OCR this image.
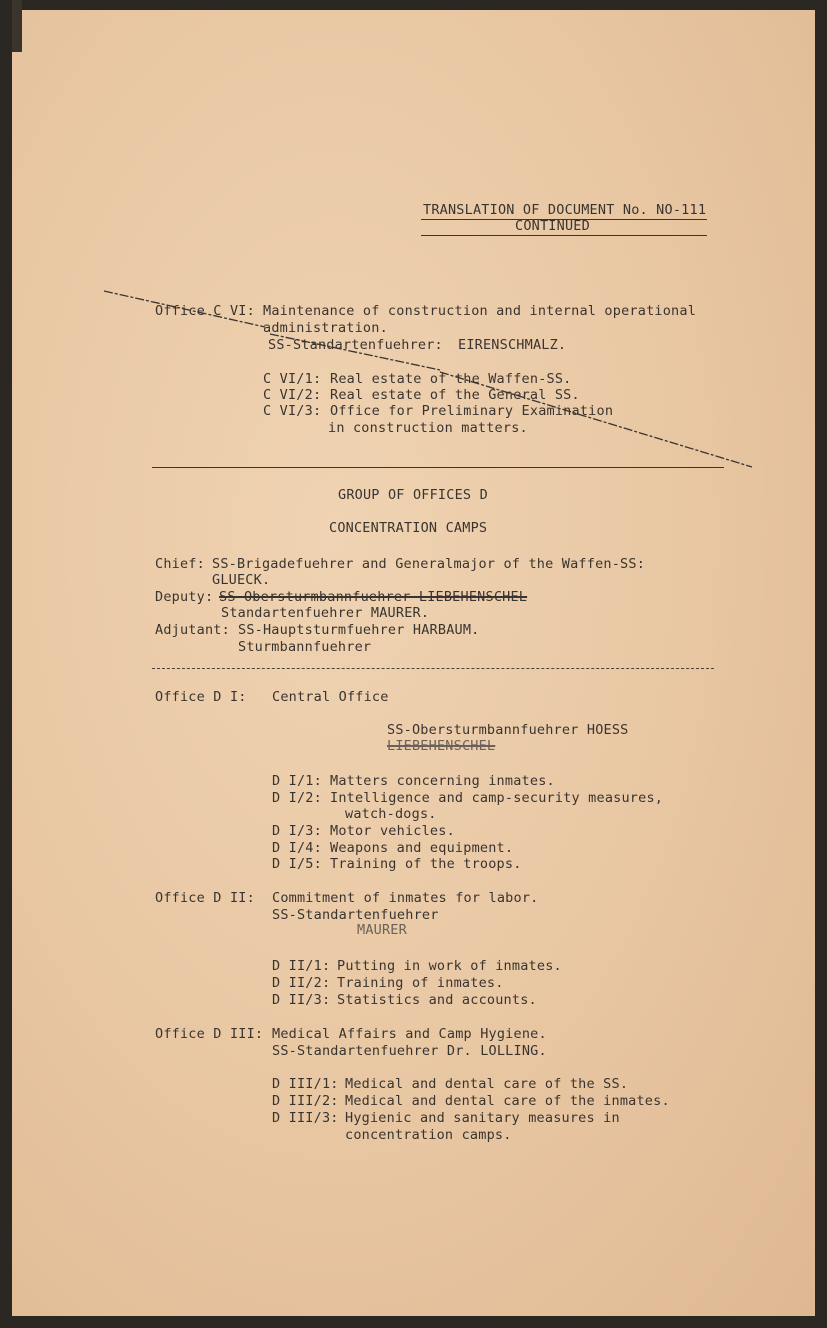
TRANSLATION OF DOCUMENT No. NO-111
CONTINUED
Office C VI: Maintenance of construction and internal operational
administration.
SS-Standartenfuehrer: EIRENSCHMALZ.
C VI/1: Real estate of the Waffen-SS.
C VI/2: Real estate of the General SS.
C VI/3: Office for Preliminary Examination
in construction matters.
GROUP OF OFFICES D
CONCENTRATION CAMPS
Chief: SS-Brigadefuehrer and Generalmajor of the Waffen-SS:
GLUECK.
Deputy: SS-Obersturmbannfuehrer LIEBEHENSCHEL
Standartenfuehrer MAURER.
Adjutant: SS-Hauptsturmfuehrer HARBAUM.
Sturmbannfuehrer
Office D I: Central Office
SS-Obersturmbannfuehrer HOESS
LIEBEHENSCHEL
D I/1: Matters concerning inmates.
D I/2: Intelligence and camp-security measures,
watch-dogs.
D I/3: Motor vehicles.
D I/4: Weapons and equipment.
D I/5: Training of the troops.
Office D II: Commitment of inmates for labor.
SS-Standartenfuehrer
MAURER
D II/1: Putting in work of inmates.
D II/2: Training of inmates.
D II/3: Statistics and accounts.
Office D III: Medical Affairs and Camp Hygiene.
SS-Standartenfuehrer Dr. LOLLING.
D III/1: Medical and dental care of the SS.
D III/2: Medical and dental care of the inmates.
D III/3: Hygienic and sanitary measures in
concentration camps.
